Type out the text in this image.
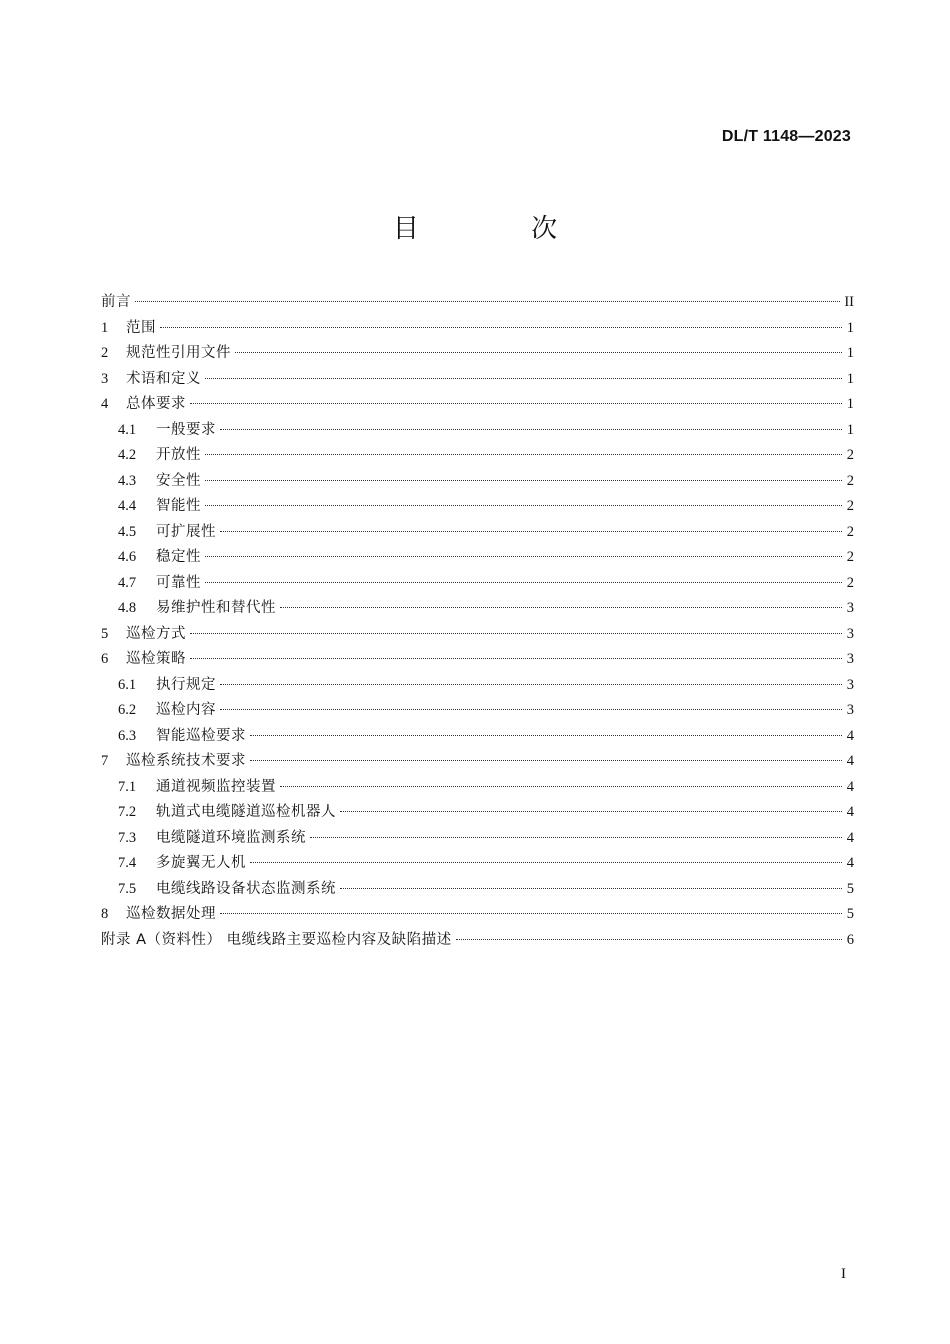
DL/T 1148—2023
目 次
前言	II
1	范围	1
2	规范性引用文件	1
3	术语和定义	1
4	总体要求	1
4.1	一般要求	1
4.2	开放性	2
4.3	安全性	2
4.4	智能性	2
4.5	可扩展性	2
4.6	稳定性	2
4.7	可靠性	2
4.8	易维护性和替代性	3
5	巡检方式	3
6	巡检策略	3
6.1	执行规定	3
6.2	巡检内容	3
6.3	智能巡检要求	4
7	巡检系统技术要求	4
7.1	通道视频监控装置	4
7.2	轨道式电缆隧道巡检机器人	4
7.3	电缆隧道环境监测系统	4
7.4	多旋翼无人机	4
7.5	电缆线路设备状态监测系统	5
8	巡检数据处理	5
附录 A（资料性） 电缆线路主要巡检内容及缺陷描述	6
I
